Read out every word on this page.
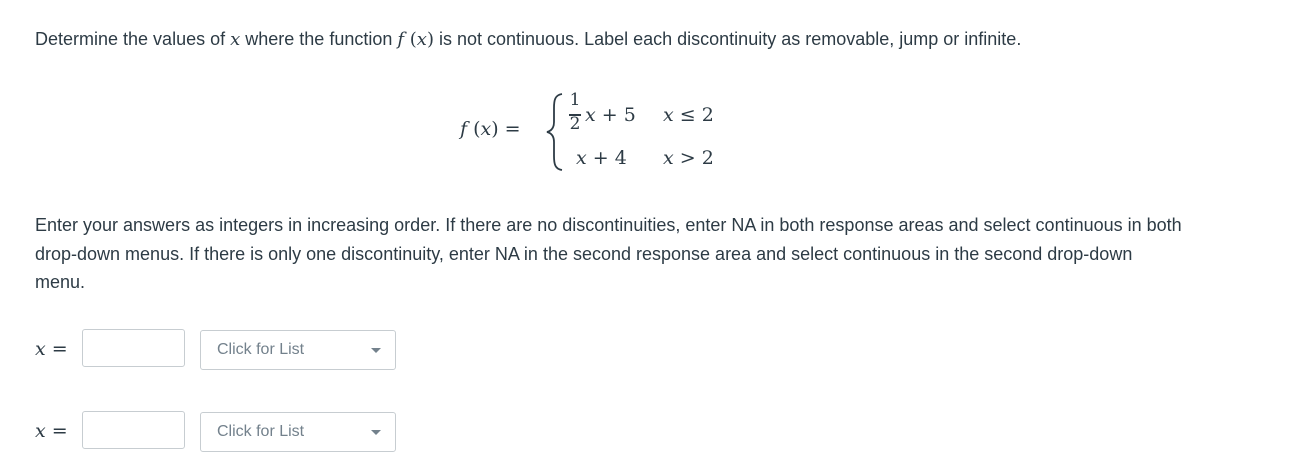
Determine the values of x where the function f (x) is not continuous. Label each discontinuity as removable, jump or infinite.
f (x) =
1
2 x + 5 x ≤ 2
x + 4 x > 2
Enter your answers as integers in increasing order. If there are no discontinuities, enter NA in both response areas and select continuous in both drop-down menus. If there is only one discontinuity, enter NA in the second response area and select continuous in the second drop-down menu.
x =	Click for List
x =	Click for List
